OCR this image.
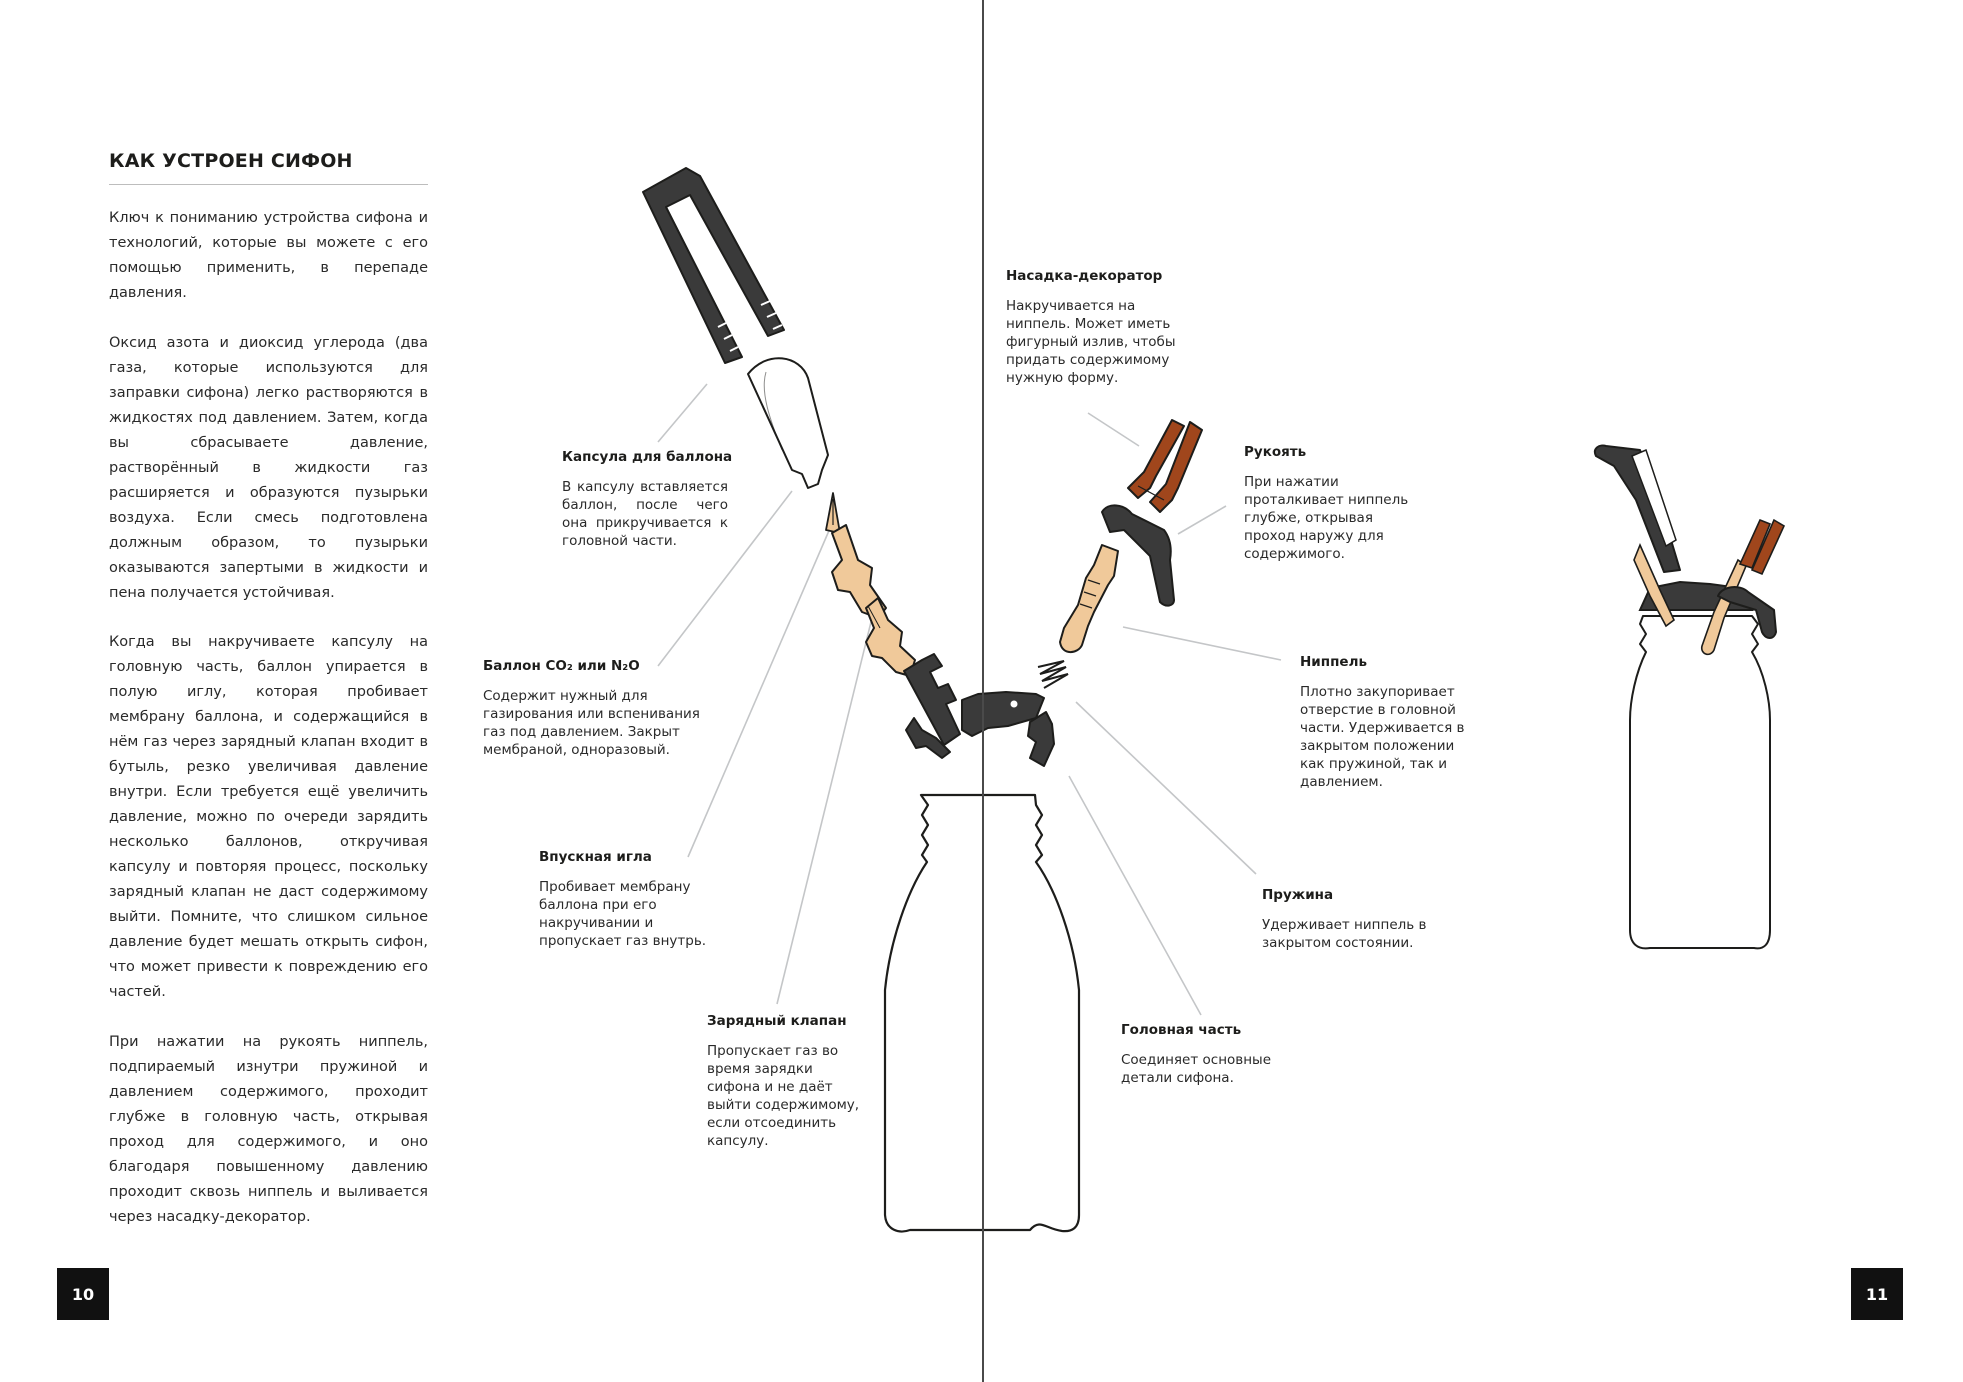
КАК УСТРОЕН СИФОН

Ключ к пониманию устройства сифона и технологий, которые вы можете с его помощью применить, в перепаде давления.

Оксид азота и диоксид углерода (два газа, которые используются для заправки сифона) легко растворяются в жидкостях под давлением. Затем, когда вы сбрасываете давление, растворённый в жидкости газ расширяется и образуются пузырьки воздуха. Если смесь подготовлена должным образом, то пузырьки оказываются запертыми в жидкости и пена получается устойчивая.

Когда вы накручиваете капсулу на головную часть, баллон упирается в полую иглу, которая пробивает мембрану баллона, и содержащийся в нём газ через зарядный клапан входит в бутыль, резко увеличивая давление внутри. Если требуется ещё увеличить давление, можно по очереди зарядить несколько баллонов, откручивая капсулу и повторяя процесс, поскольку зарядный клапан не даст содержимому выйти. Помните, что слишком сильное давление будет мешать открыть сифон, что может привести к повреждению его частей.

При нажатии на рукоять ниппель, подпираемый изнутри пружиной и давлением содержимого, проходит глубже в головную часть, открывая проход для содержимого, и оно благодаря повышенному давлению проходит сквозь ниппель и выливается через насадку-декоратор.

Капсула для баллона

В капсулу вставляется баллон, после чего она прикручивается к головной части.

Баллон CO₂ или N₂O

Содержит нужный для газирования или вспенивания газ под давлением. Закрыт мембраной, одноразовый.

Впускная игла

Пробивает мембрану баллона при его накручивании и пропускает газ внутрь.

Зарядный клапан

Пропускает газ во время зарядки сифона и не даёт выйти содержимому, если отсоединить капсулу.

Насадка-декоратор

Накручивается на ниппель. Может иметь фигурный излив, чтобы придать содержимому нужную форму.

Рукоять

При нажатии проталкивает ниппель глубже, открывая проход наружу для содержимого.

Ниппель

Плотно закупоривает отверстие в головной части. Удерживается в закрытом положении как пружиной, так и давлением.

Пружина

Удерживает ниппель в закрытом состоянии.

Головная часть

Соединяет основные детали сифона.

10	11
